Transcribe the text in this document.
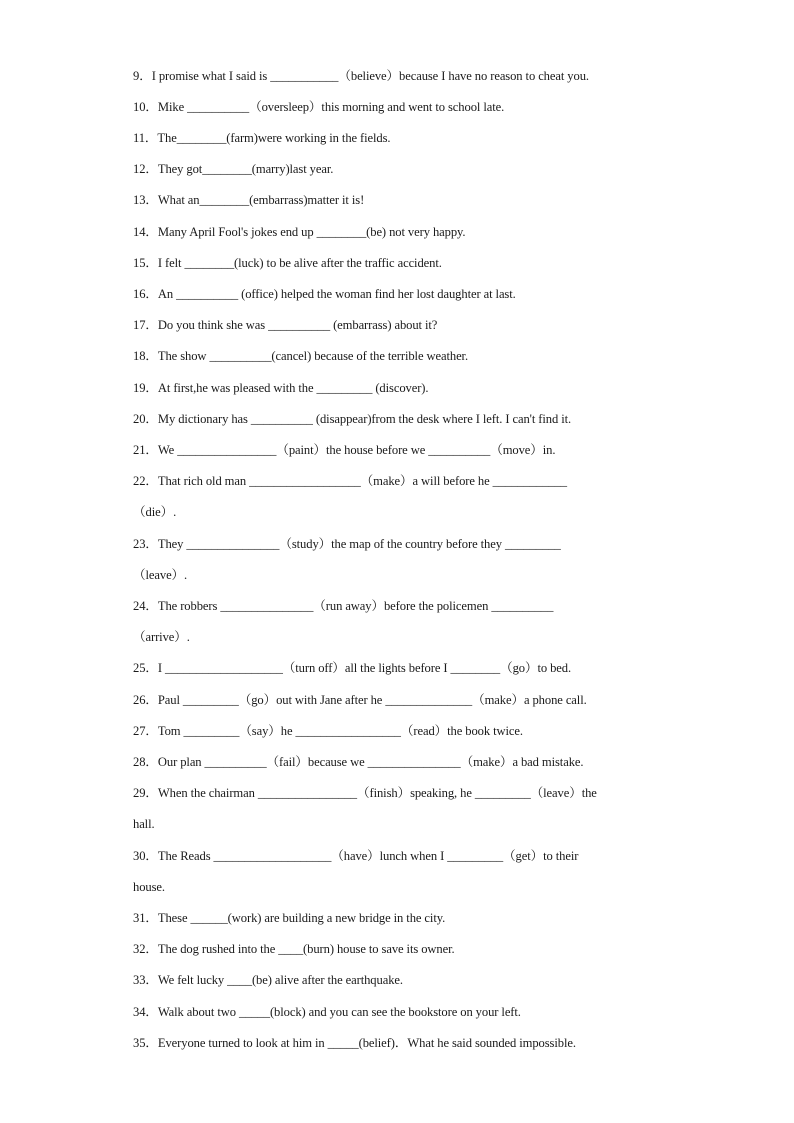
9．I promise what I said is ___________（believe）because I have no reason to cheat you.
10．Mike __________（oversleep）this morning and went to school late.
11．The________(farm)were working in the fields.
12．They got________(marry)last year.
13．What an________(embarrass)matter it is!
14．Many April Fool's jokes end up ________(be) not very happy.
15．I felt ________(luck) to be alive after the traffic accident.
16．An __________ (office) helped the woman find her lost daughter at last.
17．Do you think she was __________ (embarrass) about it?
18．The show __________(cancel) because of the terrible weather.
19．At first,he was pleased with the _________ (discover).
20．My dictionary has __________ (disappear)from the desk where I left. I can't find it.
21．We ________________（paint）the house before we __________（move）in.
22．That rich old man __________________（make）a will before he ____________
（die）.
23．They _______________（study）the map of the country before they _________
（leave）.
24．The robbers _______________（run away）before the policemen __________
（arrive）.
25．I ___________________（turn off）all the lights before I ________（go）to bed.
26．Paul _________（go）out with Jane after he ______________（make）a phone call.
27．Tom _________（say）he _________________（read）the book twice.
28．Our plan __________（fail）because we _______________（make）a bad mistake.
29．When the chairman ________________（finish）speaking, he _________（leave）the
hall.
30．The Reads ___________________（have）lunch when I _________（get）to their
house.
31．These ______(work) are building a new bridge in the city.
32．The dog rushed into the ____(burn) house to save its owner.
33．We felt lucky ____(be) alive after the earthquake.
34．Walk about two _____(block) and you can see the bookstore on your left.
35．Everyone turned to look at him in _____(belief)．What he said sounded impossible.
